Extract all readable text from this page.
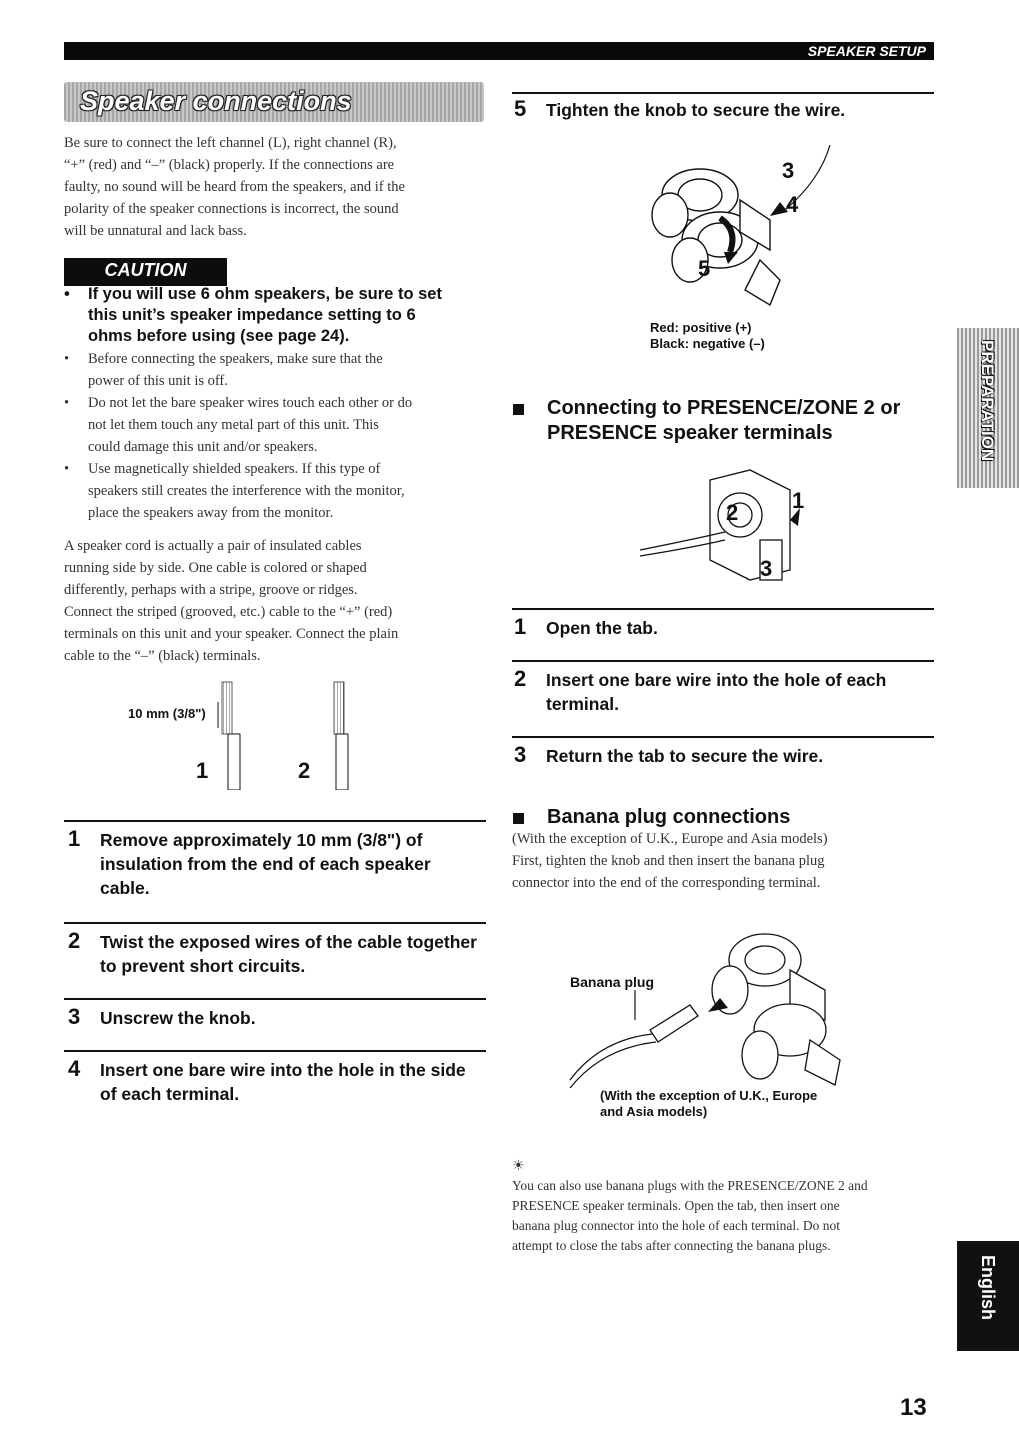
SPEAKER SETUP
Speaker connections
Be sure to connect the left channel (L), right channel (R),
“+” (red) and “–” (black) properly. If the connections are
faulty, no sound will be heard from the speakers, and if the
polarity of the speaker connections is incorrect, the sound
will be unnatural and lack bass.
CAUTION
• If you will use 6 ohm speakers, be sure to set
this unit’s speaker impedance setting to 6
ohms before using (see page 24).
• Before connecting the speakers, make sure that the
power of this unit is off.
• Do not let the bare speaker wires touch each other or do
not let them touch any metal part of this unit. This
could damage this unit and/or speakers.
• Use magnetically shielded speakers. If this type of
speakers still creates the interference with the monitor,
place the speakers away from the monitor.
A speaker cord is actually a pair of insulated cables
running side by side. One cable is colored or shaped
differently, perhaps with a stripe, groove or ridges.
Connect the striped (grooved, etc.) cable to the “+” (red)
terminals on this unit and your speaker. Connect the plain
cable to the “–” (black) terminals.
10 mm (3/8")
1	2
1 Remove approximately 10 mm (3/8") of
insulation from the end of each speaker
cable.
2 Twist the exposed wires of the cable together
to prevent short circuits.
3 Unscrew the knob.
4 Insert one bare wire into the hole in the side
of each terminal.
5 Tighten the knob to secure the wire.
3
4
5
Red: positive (+)
Black: negative (–)
Connecting to PRESENCE/ZONE 2 or
PRESENCE speaker terminals
1
2
3
1 Open the tab.
2 Insert one bare wire into the hole of each
terminal.
3 Return the tab to secure the wire.
Banana plug connections
(With the exception of U.K., Europe and Asia models)
First, tighten the knob and then insert the banana plug
connector into the end of the corresponding terminal.
Banana plug
(With the exception of U.K., Europe
and Asia models)
☀
You can also use banana plugs with the PRESENCE/ZONE 2 and
PRESENCE speaker terminals. Open the tab, then insert one
banana plug connector into the hole of each terminal. Do not
attempt to close the tabs after connecting the banana plugs.
PREPARATION
English
13
